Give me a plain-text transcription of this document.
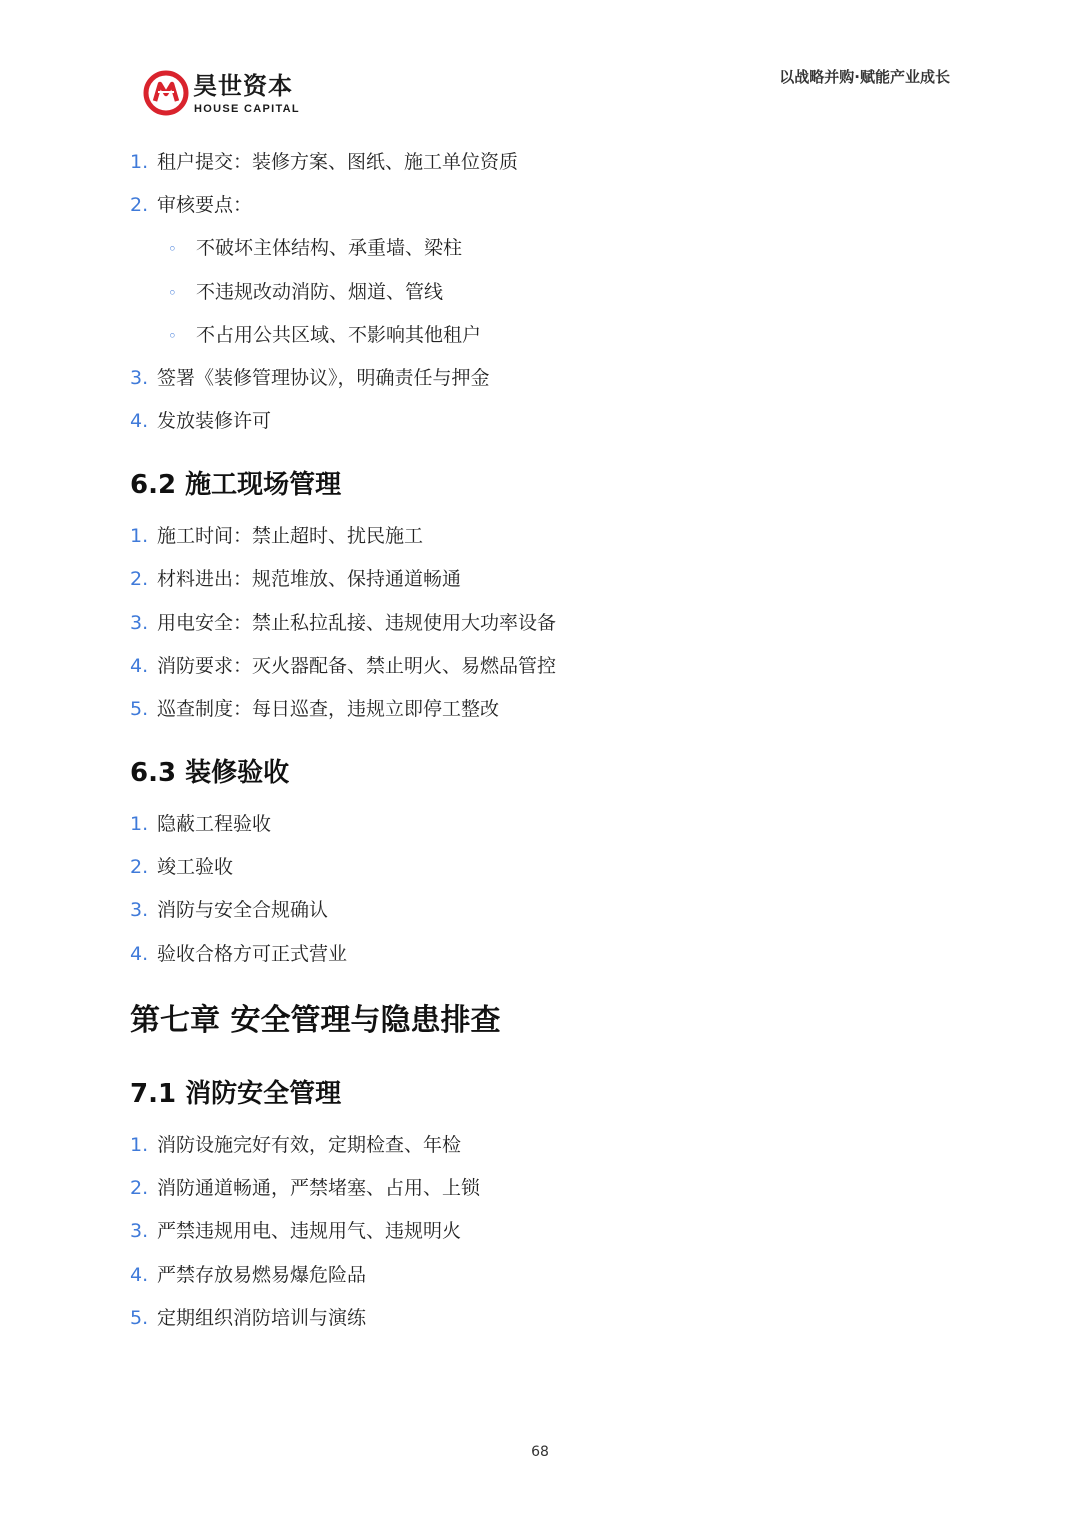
昊世资本
HOUSE CAPITAL
以战略并购·赋能产业成长
1. 租户提交：装修方案、图纸、施工单位资质
2. 审核要点：
◦ 不破坏主体结构、承重墙、梁柱
◦ 不违规改动消防、烟道、管线
◦ 不占用公共区域、不影响其他租户
3. 签署《装修管理协议》，明确责任与押金
4. 发放装修许可
6.2 施工现场管理
1. 施工时间：禁止超时、扰民施工
2. 材料进出：规范堆放、保持通道畅通
3. 用电安全：禁止私拉乱接、违规使用大功率设备
4. 消防要求：灭火器配备、禁止明火、易燃品管控
5. 巡查制度：每日巡查，违规立即停工整改
6.3 装修验收
1. 隐蔽工程验收
2. 竣工验收
3. 消防与安全合规确认
4. 验收合格方可正式营业
第七章 安全管理与隐患排查
7.1 消防安全管理
1. 消防设施完好有效，定期检查、年检
2. 消防通道畅通，严禁堵塞、占用、上锁
3. 严禁违规用电、违规用气、违规明火
4. 严禁存放易燃易爆危险品
5. 定期组织消防培训与演练
68
